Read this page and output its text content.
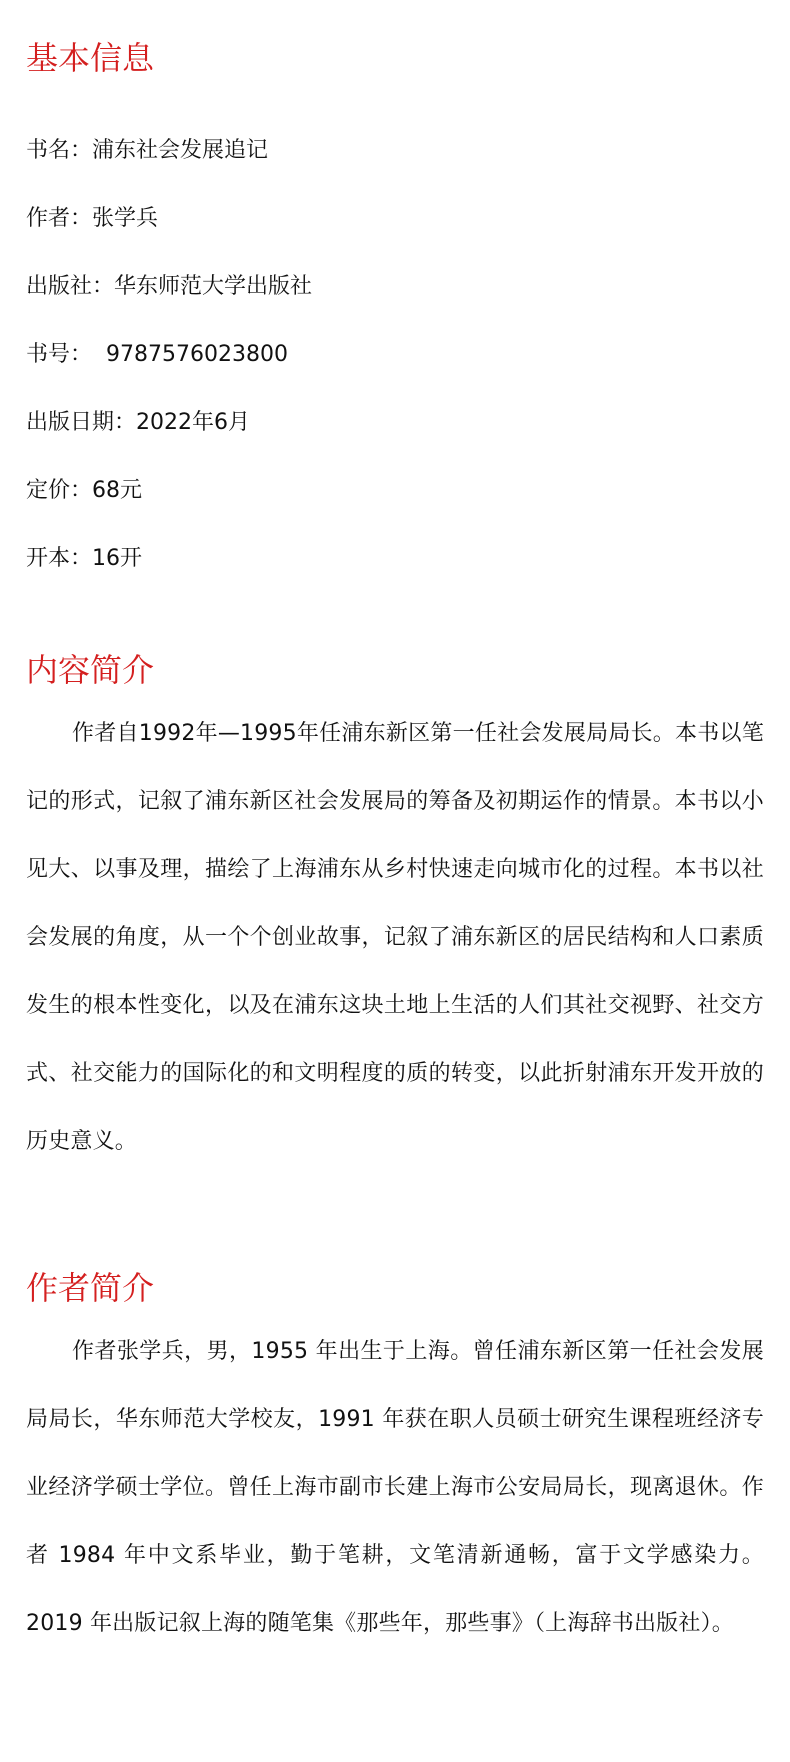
基本信息
书名：浦东社会发展追记
作者：张学兵
出版社：华东师范大学出版社
书号：  9787576023800
出版日期：2022年6月
定价：68元
开本：16开
内容简介

作者自1992年—1995年任浦东新区第一任社会发展局局长。本书以笔记的形式，记叙了浦东新区社会发展局的筹备及初期运作的情景。本书以小见大、以事及理，描绘了上海浦东从乡村快速走向城市化的过程。本书以社会发展的角度，从一个个创业故事，记叙了浦东新区的居民结构和人口素质发生的根本性变化，以及在浦东这块土地上生活的人们其社交视野、社交方式、社交能力的国际化的和文明程度的质的转变，以此折射浦东开发开放的历史意义。

作者简介

作者张学兵，男，1955 年出生于上海。曾任浦东新区第一任社会发展局局长，华东师范大学校友，1991 年获在职人员硕士研究生课程班经济专业经济学硕士学位。曾任上海市副市长建上海市公安局局长，现离退休。作者 1984 年中文系毕业，勤于笔耕，文笔清新通畅，富于文学感染力。2019 年出版记叙上海的随笔集《那些年，那些事》（上海辞书出版社）。
